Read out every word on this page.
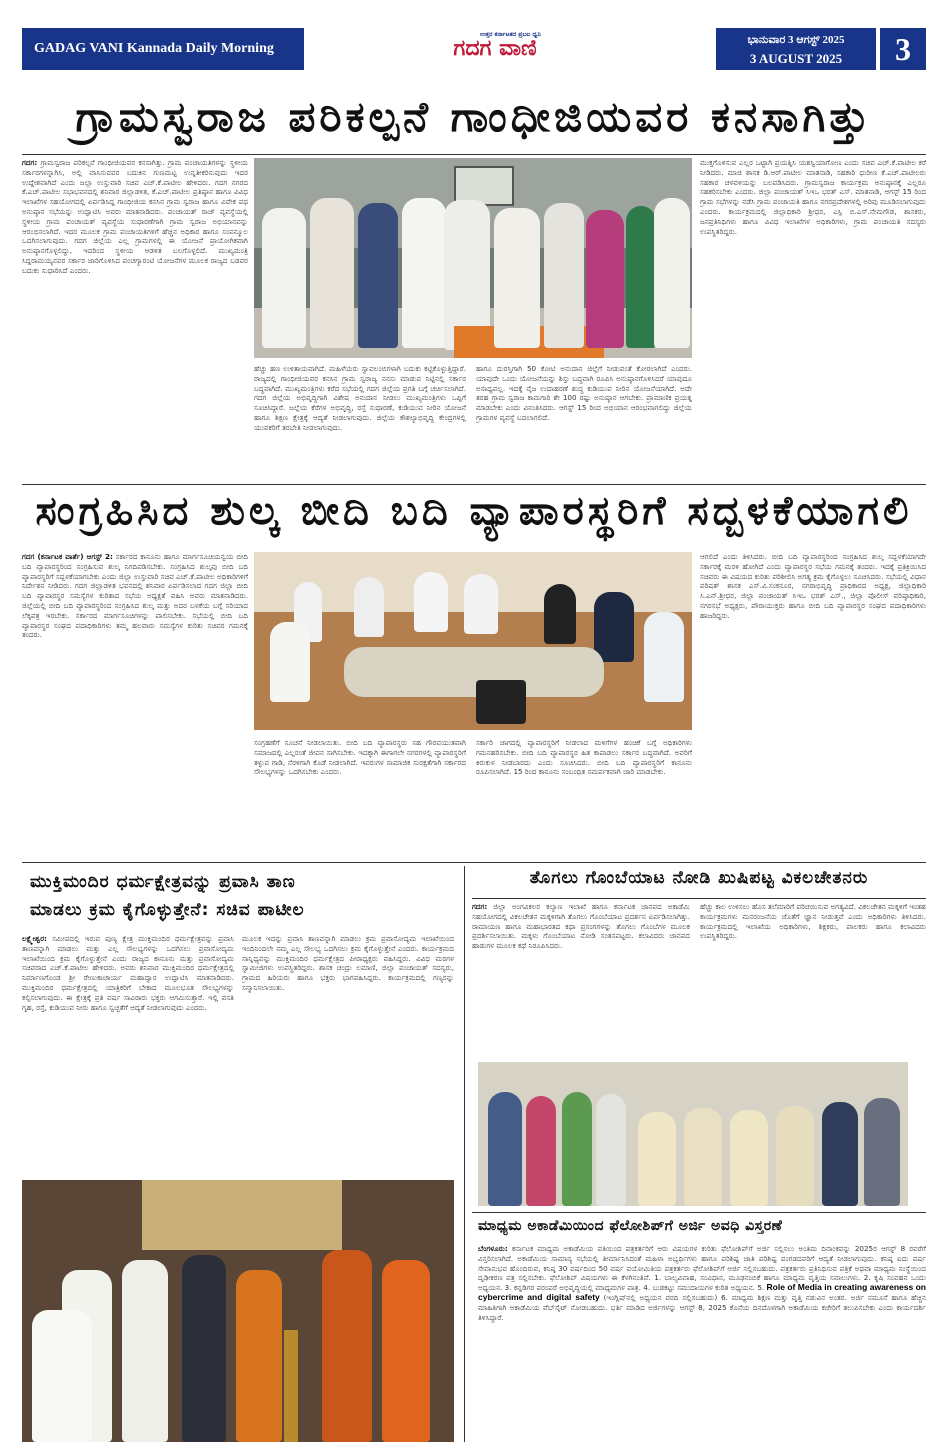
GADAG VANI Kannada Daily Morning	ಗದಗ ವಾಣಿ
ಉತ್ತರ ಕರ್ನಾಟಕದ ಪ್ರಬಲ ಧ್ವನಿ	ಭಾನುವಾರ 3 ಆಗಸ್ಟ್ 2025
3 AUGUST 2025	3
ಗ್ರಾಮಸ್ವರಾಜ ಪರಿಕಲ್ಪನೆ ಗಾಂಧೀಜಿಯವರ ಕನಸಾಗಿತ್ತು
ಗದಗ: ಗ್ರಾಮಸ್ವರಾಜ ಪರಿಕಲ್ಪನೆ ಗಾಂಧೀಜಿಯವರ ಕನಸಾಗಿತ್ತು. ಗ್ರಾಮ ಪಂಚಾಯತಿಗಳನ್ನು ಸ್ಥಳೀಯ ಸರ್ಕಾರಗಳನ್ನಾಗಿಸಿ, ಅಲ್ಲಿ ವಾಸಿಸುವವರ ಬದುಕಿನ ಗುಣಮಟ್ಟ ಉನ್ನತೀಕರಿಸುವುದು ಇದರ ಉದ್ದೇಶವಾಗಿದೆ ಎಂದು ಜಲ್ಲಾ ಉಸ್ತುವಾರಿ ಸಚಿವ ಎಚ್.ಕೆ.ಪಾಟೀಲ ಹೇಳಿದರು. ಗದಗ ನಗರದ ಕೆ.ಎಚ್.ಪಾಟೀಲ ಸಭಾಭವನದಲ್ಲಿ ಶನಿವಾರ ಜಿಲ್ಲಾಡಳಿತ, ಕೆ.ಎಚ್.ಪಾಟೀಲ ಪ್ರತಿಷ್ಠಾನ ಹಾಗೂ ವಿವಿಧ ಇಲಾಖೆಗಳ ಸಹಯೋಗದಲ್ಲಿ ಏರ್ಪಡಿಸಿದ್ದ ಗಾಂಧೀಜಿಯ ಕನಸಿನ ಗ್ರಾಮ ಸ್ವರಾಜ ಹಾಗೂ ವಿವೇಕ ಪಥ ಅನುಷ್ಠಾನ ಸಭೆಯನ್ನು ಉದ್ಘಾಟಿಸಿ ಅವರು ಮಾತನಾಡಿದರು. ಪಂಚಾಯತ್ ರಾಜ್ ವ್ಯವಸ್ಥೆಯಲ್ಲಿ ಸ್ಥಳೀಯ ಗ್ರಾಮ ಪಂಚಾಯತ್ ವ್ಯವಸ್ಥೆಯ ಸುಧಾರಣೆಗಾಗಿ ಗ್ರಾಮ ಸ್ವರಾಜ ಅಭಿಯಾನವನ್ನು ಆರಂಭಿಸಲಾಗಿದೆ. ಇದರ ಮೂಲಕ ಗ್ರಾಮ ಪಂಚಾಯತಿಗಳಿಗೆ ಹೆಚ್ಚಿನ ಅಧಿಕಾರ ಹಾಗೂ ಸಂಪನ್ಮೂಲ ಒದಗಿಸಲಾಗುವುದು. ಗದಗ ಜಿಲ್ಲೆಯ ಎಲ್ಲ ಗ್ರಾಮಗಳಲ್ಲಿ ಈ ಯೋಜನೆ ಪ್ರಾಯೋಗಿಕವಾಗಿ ಅನುಷ್ಠಾನಗೊಳ್ಳಲಿದ್ದು, ಇದರಿಂದ ಸ್ಥಳೀಯ ಆಡಳಿತ ಬಲಗೊಳ್ಳಲಿದೆ. ಮುಖ್ಯಮಂತ್ರಿ ಸಿದ್ದರಾಮಯ್ಯನವರ ಸರ್ಕಾರ ಜಾರಿಗೊಳಿಸಿದ ಪಂಚಗ್ಯಾರಂಟಿ ಯೋಜನೆಗಳ ಮೂಲಕ ರಾಜ್ಯದ ಬಡವರ ಬದುಕು ಸುಧಾರಿಸಿದೆ ಎಂದರು.
ಹೆಚ್ಚು ಹಣ ಉಳಿತಾಯವಾಗಿದೆ. ಮಹಿಳೆಯರು ಸ್ವಾವಲಂಬಿಗಳಾಗಿ ಬದುಕು ಕಟ್ಟಿಕೊಳ್ಳುತ್ತಿದ್ದಾರೆ. ರಾಜ್ಯದಲ್ಲಿ ಗಾಂಧೀಜಿಯವರ ಕನಸಿನ ಗ್ರಾಮ ಸ್ವರಾಜ್ಯ ನನಸು ಮಾಡುವ ನಿಟ್ಟಿನಲ್ಲಿ ಸರ್ಕಾರ ಬದ್ಧವಾಗಿದೆ. ಮುಖ್ಯಮಂತ್ರಿಗಳು ಕರೆದ ಸಭೆಯಲ್ಲಿ ಗದಗ ಜಿಲ್ಲೆಯ ಪ್ರಗತಿ ಬಗ್ಗೆ ಚರ್ಚಿಸಲಾಗಿದೆ. ಗದಗ ಜಿಲ್ಲೆಯ ಅಭಿವೃದ್ಧಿಗಾಗಿ ವಿಶೇಷ ಅನುದಾನ ನೀಡಲು ಮುಖ್ಯಮಂತ್ರಿಗಳು ಒಪ್ಪಿಗೆ ಸೂಚಿಸಿದ್ದಾರೆ. ಜಲ್ಲೆಯ ಕೆರೆಗಳ ಅಭಿವೃದ್ಧಿ, ರಸ್ತೆ ಸುಧಾರಣೆ, ಕುಡಿಯುವ ನೀರಿನ ಯೋಜನೆ ಹಾಗೂ ಶಿಕ್ಷಣ ಕ್ಷೇತ್ರಕ್ಕೆ ಆದ್ಯತೆ ನೀಡಲಾಗುವುದು. ಜಿಲ್ಲೆಯ ಕೌಶಲ್ಯಾಭಿವೃದ್ಧಿ ಕೇಂದ್ರಗಳಲ್ಲಿ ಯುವಕರಿಗೆ ತರಬೇತಿ ನೀಡಲಾಗುವುದು.
ಹಾಗೂ ದುರಸ್ತಿಗಾಗಿ 50 ಕೋಟಿ ಅನುದಾನ ಜಿಲ್ಲೆಗೆ ನೀಡುವಂತೆ ಕೋರಲಾಗಿದೆ ಎಂದರು. ಯಾವುದೇ ಒಂದು ಯೋಜನೆಯನ್ನು ಶಿಸ್ತು ಬದ್ಧವಾಗಿ ರೂಪಿಸಿ ಅನುಷ್ಠಾನಗೊಳಿಸಿದರೆ ಯಾವುದೂ ಅಸಾಧ್ಯವಲ್ಲ. ಇದಕ್ಕೆ ನೈಜ ಉದಾಹರಣೆ ಶುದ್ಧ ಕುಡಿಯುವ ನೀರಿನ ಯೋಜನೆಯಾಗಿದೆ. ಅದೇ ತರಹ ಗ್ರಾಮ ಸ್ವರಾಜ ಕಾಮಗಾರಿ ಶೇ 100 ರಷ್ಟು ಅನುಷ್ಠಾನ ಆಗಬೇಕು. ಪ್ರಾಮಾಣಿಕ ಪ್ರಯತ್ನ ಮಾಡಬೇಕು ಎಂದು ವಿನಂತಿಸಿದರು. ಆಗಸ್ಟ್ 15 ರಿಂದ ಅಭಿಯಾನ ಆರಂಭವಾಗಲಿದ್ದು ಜಿಲ್ಲೆಯ ಗ್ರಾಮಗಳ ವ್ಯವಸ್ಥೆ ಬದಲಾಗಲಿದೆ.
ಮುಕ್ತಗೊಳಿಸುವ ಎಲ್ಲರ ಒಟ್ಟಾಗಿ ಪ್ರಯತ್ನಿಸಿ ಯಶಸ್ವಿಯಾಗೋಣ ಎಂದು ಸಚಿವ ಎಚ್.ಕೆ.ಪಾಟೀಲ ಕರೆ ನೀಡಿದರು. ಮಾಜಿ ಶಾಸಕ ಡಿ.ಆರ್.ಪಾಟೀಲ ಮಾತನಾಡಿ, ಸಹಕಾರಿ ಧುರೀಣ ಕೆ.ಎಚ್.ಪಾಟೀಲರು ಸಹಕಾರ ಚಳವಳಿಯನ್ನು ಬಲಪಡಿಸಿದರು. ಗ್ರಾಮಸ್ವರಾಜ ಕಾರ್ಯಕ್ರಮ ಅನುಷ್ಠಾನಕ್ಕೆ ಎಲ್ಲರೂ ಸಹಕರಿಸಬೇಕು ಎಂದರು. ಜಿಲ್ಲಾ ಪಂಚಾಯತ್ ಸಿಇಒ ಭರತ್ ಎಸ್. ಮಾತನಾಡಿ, ಆಗಸ್ಟ್ 15 ರಿಂದ ಗ್ರಾಮ ಸಭೆಗಳನ್ನು ನಡೆಸಿ ಗ್ರಾಮ ಪಂಚಾಯತಿ ಹಾಗೂ ನಗರಪ್ರದೇಶಗಳಲ್ಲಿ ಅರಿವು ಮೂಡಿಸಲಾಗುವುದು ಎಂದರು. ಕಾರ್ಯಕ್ರಮದಲ್ಲಿ ಜಿಲ್ಲಾಧಿಕಾರಿ ಶ್ರೀಧರ, ಎಸ್ಪಿ ಬಿ.ಎಸ್.ನೇಮಗೌಡ, ಶಾಸಕರು, ಜನಪ್ರತಿನಿಧಿಗಳು ಹಾಗೂ ವಿವಿಧ ಇಲಾಖೆಗಳ ಅಧಿಕಾರಿಗಳು, ಗ್ರಾಮ ಪಂಚಾಯತಿ ಸದಸ್ಯರು ಉಪಸ್ಥಿತರಿದ್ದರು.
ಸಂಗ್ರಹಿಸಿದ ಶುಲ್ಕ ಬೀದಿ ಬದಿ ವ್ಯಾಪಾರಸ್ಥರಿಗೆ ಸದ್ಬಳಕೆಯಾಗಲಿ
ಗದಗ (ಕರ್ನಾಟಕ ವಾರ್ತೆ) ಆಗಸ್ಟ್ 2: ಸರ್ಕಾರದ ಕಾನೂನು ಹಾಗೂ ಮಾರ್ಗಸೂಚಿಯನ್ವಯ ಬೀದಿ ಬದಿ ವ್ಯಾಪಾರಸ್ಥರಿಂದ ಸಂಗ್ರಹಿಸುವ ಶುಲ್ಕ ನಿಗದಿಪಡಿಸಬೇಕು. ಸಂಗ್ರಹಿಸಿದ ಶುಲ್ಕವು ಬೀದಿ ಬದಿ ವ್ಯಾಪಾರಸ್ಥರಿಗೆ ಸದ್ಬಳಕೆಯಾಗಬೇಕು ಎಂದು ಜಿಲ್ಲಾ ಉಸ್ತುವಾರಿ ಸಚಿವ ಎಚ್.ಕೆ.ಪಾಟೀಲ ಅಧಿಕಾರಿಗಳಿಗೆ ನಿರ್ದೇಶನ ನೀಡಿದರು. ಗದಗ ಜಿಲ್ಲಾಡಳಿತ ಭವನದಲ್ಲಿ ಶನಿವಾರ ಏರ್ಪಡಿಸಲಾದ ಗದಗ ಜಿಲ್ಲಾ ಬೀದಿ ಬದಿ ವ್ಯಾಪಾರಸ್ಥರ ಸಮಸ್ಯೆಗಳ ಕುರಿತಾದ ಸಭೆಯ ಅಧ್ಯಕ್ಷತೆ ವಹಿಸಿ ಅವರು ಮಾತನಾಡಿದರು. ಜಿಲ್ಲೆಯಲ್ಲಿ ಬೀದಿ ಬದಿ ವ್ಯಾಪಾರಸ್ಥರಿಂದ ಸಂಗ್ರಹಿಸಿದ ಶುಲ್ಕ ಮತ್ತು ಅದರ ಬಳಕೆಯ ಬಗ್ಗೆ ಸರಿಯಾದ ಲೆಕ್ಕಪತ್ರ ಇರಬೇಕು. ಸರ್ಕಾರದ ಮಾರ್ಗಸೂಚಿಗಳನ್ನು ಪಾಲಿಸಬೇಕು. ಸಭೆಯಲ್ಲಿ ಬೀದಿ ಬದಿ ವ್ಯಾಪಾರಸ್ಥರ ಸಂಘದ ಪದಾಧಿಕಾರಿಗಳು ತಮ್ಮ ಹಲವಾರು ಸಮಸ್ಯೆಗಳ ಕುರಿತು ಸಚಿವರ ಗಮನಕ್ಕೆ ತಂದರು.
ಸಂಗ್ರಹಣೆಗೆ ಸೂಚನೆ ನೀಡಲಾಯಿತು. ಬೀದಿ ಬದಿ ವ್ಯಾಪಾರಸ್ಥರು ಸಹ ಗೌರವಯುತವಾಗಿ ಸಮಾಜದಲ್ಲಿ ಎಲ್ಲರಂತೆ ಜೀವನ ಸಾಗಿಸಬೇಕು. ಇದಕ್ಕಾಗಿ ಈಗಾಗಲೇ ನಗರಗಳಲ್ಲಿ ವ್ಯಾಪಾರಸ್ಥರಿಗೆ ತಳ್ಳುವ ಗಾಡಿ, ನೆರಳಿಗಾಗಿ ಕೊಡೆ ನೀಡಲಾಗಿದೆ. ಇವರುಗಳ ಸಾಮಾಜಿಕ ಸುರಕ್ಷತೆಗಾಗಿ ಸರ್ಕಾರದ ಸೌಲಭ್ಯಗಳನ್ನು ಒದಗಿಸಬೇಕು ಎಂದರು.
ಸರ್ಕಾರಿ ಜಾಗದಲ್ಲಿ ವ್ಯಾಪಾರಸ್ಥರಿಗೆ ನೀಡಲಾದ ಮಳಿಗೆಗಳ ಹಂಚಿಕೆ ಬಗ್ಗೆ ಅಧಿಕಾರಿಗಳು ಗಮನಹರಿಸಬೇಕು. ಬೀದಿ ಬದಿ ವ್ಯಾಪಾರಸ್ಥರ ಹಿತ ಕಾಪಾಡಲು ಸರ್ಕಾರ ಬದ್ಧವಾಗಿದೆ. ಅವರಿಗೆ ಕಿರುಕುಳ ನೀಡಬಾರದು ಎಂದು ಸೂಚಿಸಿದರು. ಬೀದಿ ಬದಿ ವ್ಯಾಪಾರಸ್ಥರಿಗೆ ಕಾನೂನು ರೂಪಿಸಲಾಗಿದೆ. 15 ರಿಂದ ಕಾನೂನು ಸಂಬಂಧಿತ ಸಮರ್ಪಕವಾಗಿ ಜಾರಿ ಮಾಡಬೇಕು.
ಆಗಲಿದೆ ಎಂದು ತಿಳಿಸಿದರು. ಬೀದಿ ಬದಿ ವ್ಯಾಪಾರಸ್ಥರಿಂದ ಸಂಗ್ರಹಿಸಿದ ಶುಲ್ಕ ಸದ್ಬಳಕೆಯಾಗದೇ ಸರ್ಕಾರಕ್ಕೆ ಮರಳಿ ಹೋಗಿದೆ ಎಂದು ವ್ಯಾಪಾರಸ್ಥರ ಸಭೆಯ ಗಮನಕ್ಕೆ ತಂದರು. ಇದಕ್ಕೆ ಪ್ರತಿಕ್ರಿಯಿಸಿದ ಸಚಿವರು ಈ ವಿಷಯದ ಕುರಿತು ಪರಿಶೀಲಿಸಿ ಅಗತ್ಯ ಕ್ರಮ ಕೈಗೊಳ್ಳಲು ಸೂಚಿಸಿದರು. ಸಭೆಯಲ್ಲಿ ವಿಧಾನ ಪರಿಷತ್ ಶಾಸಕ ಎಸ್.ವಿ.ಸಂಕನೂರ, ನಗರಾಭಿವೃದ್ಧಿ ಪ್ರಾಧಿಕಾರದ ಅಧ್ಯಕ್ಷ, ಜಿಲ್ಲಾಧಿಕಾರಿ ಸಿ.ಎನ್.ಶ್ರೀಧರ, ಜಿಲ್ಲಾ ಪಂಚಾಯತ್ ಸಿಇಒ ಭರತ್ ಎಸ್., ಜಿಲ್ಲಾ ಪೊಲೀಸ್ ವರಿಷ್ಠಾಧಿಕಾರಿ, ನಗರಸಭೆ ಅಧ್ಯಕ್ಷರು, ಪೌರಾಯುಕ್ತರು ಹಾಗೂ ಬೀದಿ ಬದಿ ವ್ಯಾಪಾರಸ್ಥರ ಸಂಘದ ಪದಾಧಿಕಾರಿಗಳು ಹಾಜರಿದ್ದರು.
ಮುಕ್ತಿಮಂದಿರ ಧರ್ಮಕ್ಷೇತ್ರವನ್ನು ಪ್ರವಾಸಿ ತಾಣ
ಮಾಡಲು ಕ್ರಮ ಕೈಗೊಳ್ಳುತ್ತೇನೆ: ಸಚಿವ ಪಾಟೀಲ
ಲಕ್ಷ್ಮೇಶ್ವರ: ಸಮೀಪದಲ್ಲಿ ಇರುವ ಪುಣ್ಯ ಕ್ಷೇತ್ರ ಮುಕ್ತಿಮಂದಿರ ಧರ್ಮಕ್ಷೇತ್ರವನ್ನು ಪ್ರವಾಸಿ ತಾಣವನ್ನಾಗಿ ಮಾಡಲು ಮತ್ತು ಎಲ್ಲ ಸೌಲಭ್ಯಗಳನ್ನು ಒದಗಿಸಲು ಪ್ರವಾಸೋದ್ಯಮ ಇಲಾಖೆಯಿಂದ ಕ್ರಮ ಕೈಗೊಳ್ಳುತ್ತೇನೆ ಎಂದು ರಾಜ್ಯದ ಕಾನೂನು ಮತ್ತು ಪ್ರವಾಸೋದ್ಯಮ ಸಚಿವರಾದ ಎಚ್.ಕೆ.ಪಾಟೀಲ ಹೇಳಿದರು. ಅವರು ಶನಿವಾರ ಮುಕ್ತಿಮಂದಿರ ಧರ್ಮಕ್ಷೇತ್ರದಲ್ಲಿ ನಿರ್ಮಾಣಗೊಂಡ ಶ್ರೀ ರೇಣುಕಾಚಾರ್ಯ ಮಹಾದ್ವಾರ ಉದ್ಘಾಟಿಸಿ ಮಾತನಾಡಿದರು. ಮುಕ್ತಿಮಂದಿರ ಧರ್ಮಕ್ಷೇತ್ರದಲ್ಲಿ ಯಾತ್ರಿಕರಿಗೆ ಬೇಕಾದ ಮೂಲಭೂತ ಸೌಲಭ್ಯಗಳನ್ನು ಕಲ್ಪಿಸಲಾಗುವುದು. ಈ ಕ್ಷೇತ್ರಕ್ಕೆ ಪ್ರತಿ ವರ್ಷ ಸಾವಿರಾರು ಭಕ್ತರು ಆಗಮಿಸುತ್ತಾರೆ. ಇಲ್ಲಿ ವಸತಿ ಗೃಹ, ರಸ್ತೆ, ಕುಡಿಯುವ ನೀರು ಹಾಗೂ ಸ್ವಚ್ಛತೆಗೆ ಆದ್ಯತೆ ನೀಡಲಾಗುವುದು ಎಂದರು.
ಮೂಲಕ ಇದನ್ನು ಪ್ರವಾಸಿ ತಾಣವನ್ನಾಗಿ ಮಾಡಲು ಕ್ರಮ ಪ್ರವಾಸೋದ್ಯಮ ಇಲಾಖೆಯಿಂದ ಇಂದಿನಿಂದಲೇ ನಮ್ಮ ಎಲ್ಲ ಸೌಲಭ್ಯ ಒದಗಿಸಲು ಕ್ರಮ ಕೈಗೊಳ್ಳುತ್ತೇನೆ ಎಂದರು. ಕಾರ್ಯಕ್ರಮದ ಸಾನ್ನಿಧ್ಯವನ್ನು ಮುಕ್ತಿಮಂದಿರ ಧರ್ಮಕ್ಷೇತ್ರದ ಪೀಠಾಧ್ಯಕ್ಷರು ವಹಿಸಿದ್ದರು. ವಿವಿಧ ಮಠಗಳ ಸ್ವಾಮೀಜಿಗಳು ಉಪಸ್ಥಿತರಿದ್ದರು. ಶಾಸಕ ಚಂದ್ರು ಲಮಾಣಿ, ಜಿಲ್ಲಾ ಪಂಚಾಯತ್ ಸದಸ್ಯರು, ಗ್ರಾಮದ ಹಿರಿಯರು ಹಾಗೂ ಭಕ್ತರು ಭಾಗವಹಿಸಿದ್ದರು. ಕಾರ್ಯಕ್ರಮದಲ್ಲಿ ಗಣ್ಯರನ್ನು ಸನ್ಮಾನಿಸಲಾಯಿತು.
ತೊಗಲು ಗೊಂಬೆಯಾಟ ನೋಡಿ ಖುಷಿಪಟ್ಟ ವಿಕಲಚೇತನರು
ಗದಗ: ಜಿಲ್ಲಾ ಅಂಗವಿಕಲರ ಕಲ್ಯಾಣ ಇಲಾಖೆ ಹಾಗೂ ಕರ್ನಾಟಕ ಜಾನಪದ ಅಕಾಡೆಮಿ ಸಹಯೋಗದಲ್ಲಿ ವಿಕಲಚೇತನ ಮಕ್ಕಳಿಗಾಗಿ ತೊಗಲು ಗೊಂಬೆಯಾಟ ಪ್ರದರ್ಶನ ಏರ್ಪಡಿಸಲಾಗಿತ್ತು. ರಾಮಾಯಣ ಹಾಗೂ ಮಹಾಭಾರತದ ಕಥಾ ಪ್ರಸಂಗಗಳನ್ನು ತೊಗಲು ಗೊಂಬೆಗಳ ಮೂಲಕ ಪ್ರದರ್ಶಿಸಲಾಯಿತು. ಮಕ್ಕಳು ಗೊಂಬೆಯಾಟ ನೋಡಿ ಸಂತಸಪಟ್ಟರು. ಕಲಾವಿದರು ಜಾನಪದ ಹಾಡುಗಳ ಮೂಲಕ ಕಥೆ ನಿರೂಪಿಸಿದರು.
ಹೆಚ್ಚು ಕಾಲ ಉಳಿಸಲು ಹೊಸ ತಲೆಮಾರಿಗೆ ಪರಿಚಯಿಸುವ ಅಗತ್ಯವಿದೆ. ವಿಕಲಚೇತನ ಮಕ್ಕಳಿಗೆ ಇಂತಹ ಕಾರ್ಯಕ್ರಮಗಳು ಮನರಂಜನೆಯ ಜೊತೆಗೆ ಜ್ಞಾನ ನೀಡುತ್ತವೆ ಎಂದು ಅಧಿಕಾರಿಗಳು ತಿಳಿಸಿದರು. ಕಾರ್ಯಕ್ರಮದಲ್ಲಿ ಇಲಾಖೆಯ ಅಧಿಕಾರಿಗಳು, ಶಿಕ್ಷಕರು, ಪಾಲಕರು ಹಾಗೂ ಕಲಾವಿದರು ಉಪಸ್ಥಿತರಿದ್ದರು.
ಮಾಧ್ಯಮ ಅಕಾಡೆಮಿಯಿಂದ ಫೆಲೋಶಿಪ್‌ಗೆ ಅರ್ಜಿ ಅವಧಿ ವಿಸ್ತರಣೆ
ಬೆಂಗಳೂರು: ಕರ್ನಾಟಕ ಮಾಧ್ಯಮ ಅಕಾಡೆಮಿಯ ವತಿಯಿಂದ ಪತ್ರಕರ್ತರಿಗೆ ಆರು ವಿಷಯಗಳ ಕುರಿತು ಫೆಲೋಶಿಪ್‌ಗೆ ಅರ್ಜಿ ಸಲ್ಲಿಸಲು ಅಂತಿಮ ದಿನಾಂಕವನ್ನು 2025ರ ಆಗಸ್ಟ್ 8 ರವರೆಗೆ ವಿಸ್ತರಿಸಲಾಗಿದೆ. ಅಕಾಡೆಮಿಯ ಸಾಮಾನ್ಯ ಸಭೆಯಲ್ಲಿ ತೀರ್ಮಾನಿಸಿದಂತೆ ಮಹಿಳಾ ಅಭ್ಯರ್ಥಿಗಳು ಹಾಗೂ ಪರಿಶಿಷ್ಟ ಜಾತಿ ಪರಿಶಿಷ್ಟ ಪಂಗಡದವರಿಗೆ ಆದ್ಯತೆ ನೀಡಲಾಗುವುದು. ಕನಿಷ್ಠ ಐದು ವರ್ಷ ಸೇವಾನುಭವ ಹೊಂದಿರುವ, ಕನಿಷ್ಠ 30 ವರ್ಷದಿಂದ 50 ವರ್ಷ ವಯೋಮಿತಿಯ ಪತ್ರಕರ್ತರು ಫೆಲೋಶಿಪ್‌ಗೆ ಅರ್ಜಿ ಸಲ್ಲಿಸಬಹುದು. ಪತ್ರಕರ್ತರು ಪ್ರತಿನಿಧಿಸುವ ಪತ್ರಿಕೆ ಅಥವಾ ಮಾಧ್ಯಮ ಸಂಸ್ಥೆಯಿಂದ ದೃಢೀಕರಣ ಪತ್ರ ಸಲ್ಲಿಸಬೇಕು. ಫೆಲೋಶಿಪ್ ವಿಷಯಗಳು ಈ ಕೆಳಗಿನಂತಿವೆ. 1. ಬಾಲ್ಯವಿವಾಹ, ಸಂವಿಧಾನ, ಮೂಢನಂಬಿಕೆ ಹಾಗೂ ಮಾಧ್ಯಮ ವೃತ್ತಿಯ ಸವಾಲುಗಳು. 2. ಕೃಷಿ ಸಂವಹನ ಒಂದು ಅಧ್ಯಯನ. 3. ಕನ್ನಡಿಗರ ಪರಂಪರೆ ಅಭಿವೃದ್ಧಿಯಲ್ಲಿ ಮಾಧ್ಯಮಗಳ ಪಾತ್ರ. 4. ಬುಡಕಟ್ಟು ಸಮುದಾಯಗಳ ಕುರಿತ ಅಧ್ಯಯನ. 5. Role of Media in creating awareness on cybercrime and digital safety (ಇಂಗ್ಲಿಷ್‌ನಲ್ಲಿ ಅಧ್ಯಯನ ವರದಿ ಸಲ್ಲಿಸಬಹುದು) 6. ಮಾಧ್ಯಮ ಶಿಕ್ಷಣ ಮತ್ತು ವೃತ್ತಿ ನಡುವಿನ ಅಂತರ. ಅರ್ಜಿ ನಮೂನೆ ಹಾಗೂ ಹೆಚ್ಚಿನ ಮಾಹಿತಿಗಾಗಿ ಅಕಾಡೆಮಿಯ ವೆಬ್‌ಸೈಟ್ ನೋಡಬಹುದು. ಭರ್ತಿ ಮಾಡಿದ ಅರ್ಜಿಗಳನ್ನು ಆಗಸ್ಟ್ 8, 2025 ಕೊನೆಯ ದಿನದೊಳಗಾಗಿ ಅಕಾಡೆಮಿಯ ಕಚೇರಿಗೆ ತಲುಪಿಸಬೇಕು ಎಂದು ಕಾರ್ಯದರ್ಶಿ ತಿಳಿಸಿದ್ದಾರೆ.
